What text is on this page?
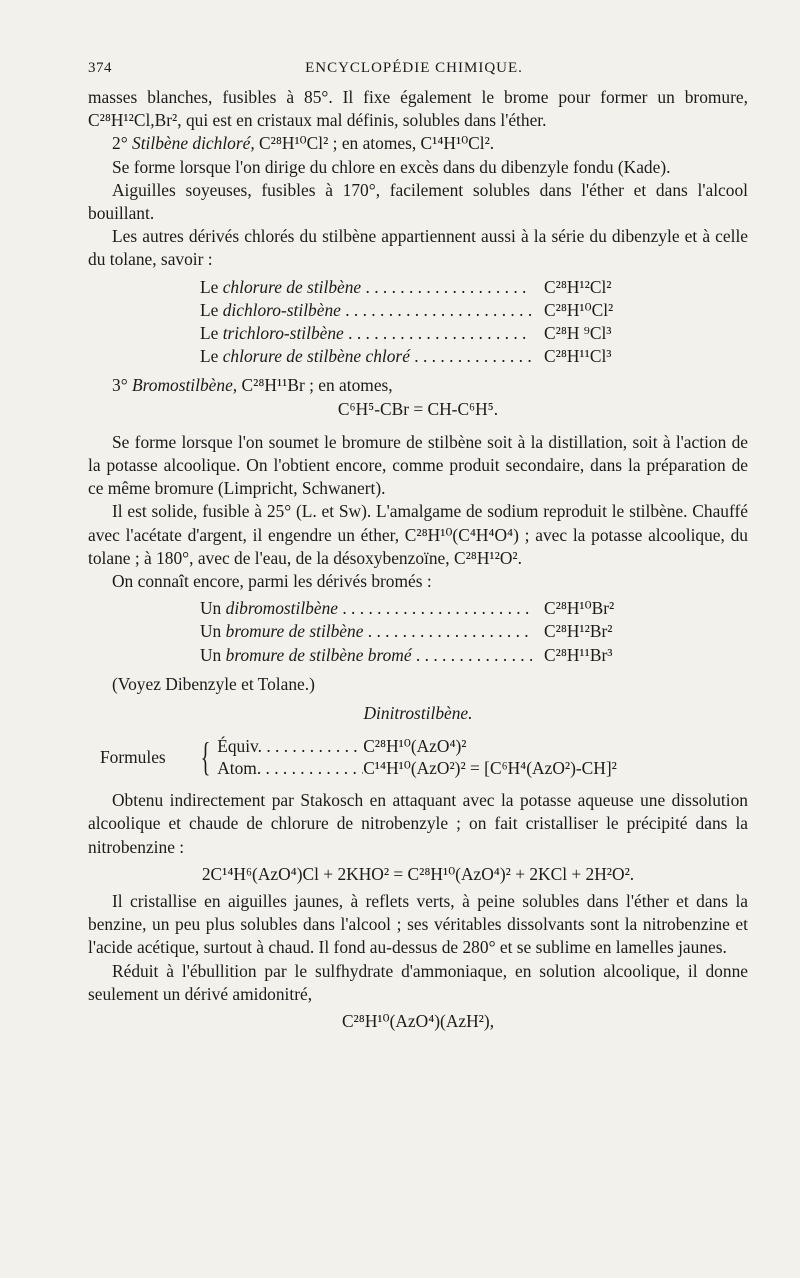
374	ENCYCLOPÉDIE CHIMIQUE.

masses blanches, fusibles à 85°. Il fixe également le brome pour former un bromure, C²⁸H¹²Cl,Br², qui est en cristaux mal définis, solubles dans l'éther.

2° Stilbène dichloré, C²⁸H¹⁰Cl² ; en atomes, C¹⁴H¹⁰Cl².

Se forme lorsque l'on dirige du chlore en excès dans du dibenzyle fondu (Kade).

Aiguilles soyeuses, fusibles à 170°, facilement solubles dans l'éther et dans l'alcool bouillant.

Les autres dérivés chlorés du stilbène appartiennent aussi à la série du dibenzyle et à celle du tolane, savoir :

Le chlorure de stilbène . . .	C²⁸H¹²Cl²
Le dichloro-stilbène . . .	C²⁸H¹⁰Cl²
Le trichloro-stilbène . . .	C²⁸H ⁹Cl³
Le chlorure de stilbène chloré . . .	C²⁸H¹¹Cl³

3° Bromostilbène, C²⁸H¹¹Br ; en atomes,

C⁶H⁵-CBr = CH-C⁶H⁵.

Se forme lorsque l'on soumet le bromure de stilbène soit à la distillation, soit à l'action de la potasse alcoolique. On l'obtient encore, comme produit secondaire, dans la préparation de ce même bromure (Limpricht, Schwanert).

Il est solide, fusible à 25° (L. et Sw). L'amalgame de sodium reproduit le stilbène. Chauffé avec l'acétate d'argent, il engendre un éther, C²⁸H¹⁰(C⁴H⁴O⁴) ; avec la potasse alcoolique, du tolane ; à 180°, avec de l'eau, de la désoxybenzoïne, C²⁸H¹²O².

On connaît encore, parmi les dérivés bromés :

Un dibromostilbène . . .	C²⁸H¹⁰Br²
Un bromure de stilbène . . .	C²⁸H¹²Br²
Un bromure de stilbène bromé . . .	C²⁸H¹¹Br³

(Voyez Dibenzyle et Tolane.)

Dinitrostilbène.

Formules { Équiv. . . .	C²⁸H¹⁰(AzO⁴)²
Atom. . . .	C¹⁴H¹⁰(AzO²)² = [C⁶H⁴(AzO²)-CH]²

Obtenu indirectement par Stakosch en attaquant avec la potasse aqueuse une dissolution alcoolique et chaude de chlorure de nitrobenzyle ; on fait cristalliser le précipité dans la nitrobenzine :

2C¹⁴H⁶(AzO⁴)Cl + 2KHO² = C²⁸H¹⁰(AzO⁴)² + 2KCl + 2H²O².

Il cristallise en aiguilles jaunes, à reflets verts, à peine solubles dans l'éther et dans la benzine, un peu plus solubles dans l'alcool ; ses véritables dissolvants sont la nitrobenzine et l'acide acétique, surtout à chaud. Il fond au-dessus de 280° et se sublime en lamelles jaunes.

Réduit à l'ébullition par le sulfhydrate d'ammoniaque, en solution alcoolique, il donne seulement un dérivé amidonitré,

C²⁸H¹⁰(AzO⁴)(AzH²),
